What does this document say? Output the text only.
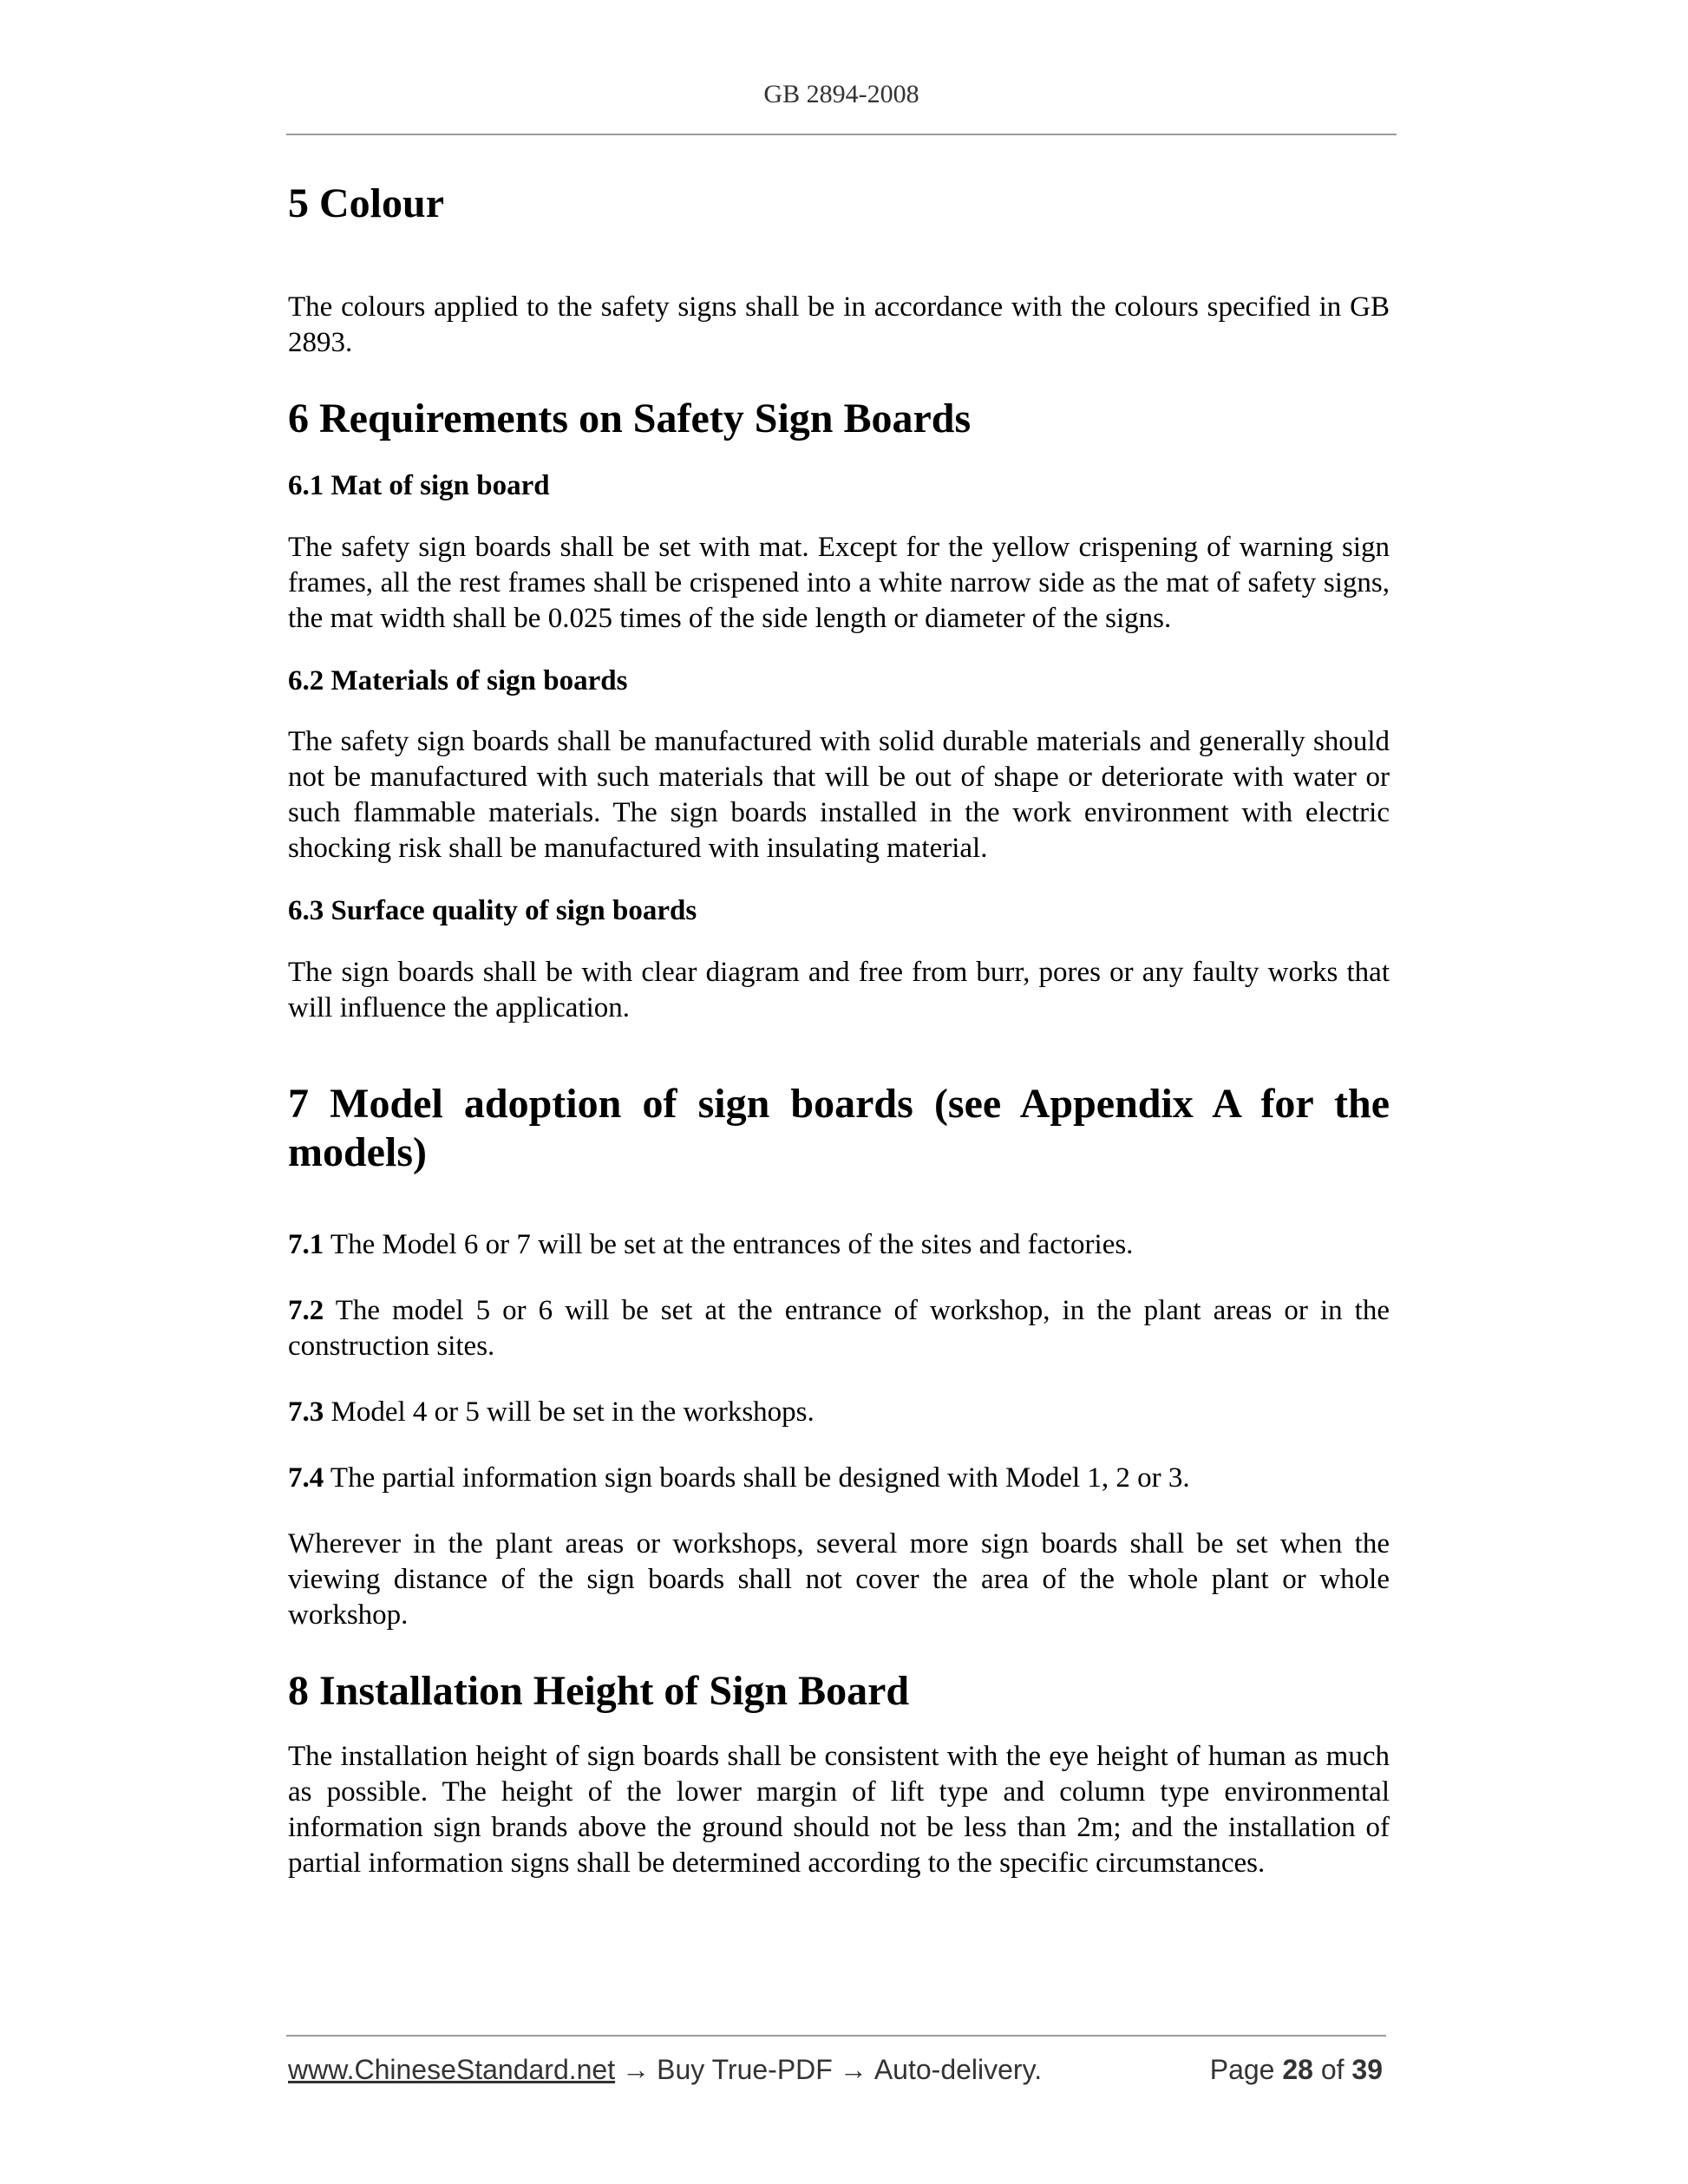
GB 2894-2008
5 Colour

The colours applied to the safety signs shall be in accordance with the colours specified in GB 2893.

6 Requirements on Safety Sign Boards
6.1 Mat of sign board

The safety sign boards shall be set with mat. Except for the yellow crispening of warning sign frames, all the rest frames shall be crispened into a white narrow side as the mat of safety signs, the mat width shall be 0.025 times of the side length or diameter of the signs.

6.2 Materials of sign boards

The safety sign boards shall be manufactured with solid durable materials and generally should not be manufactured with such materials that will be out of shape or deteriorate with water or such flammable materials. The sign boards installed in the work environment with electric shocking risk shall be manufactured with insulating material.

6.3 Surface quality of sign boards

The sign boards shall be with clear diagram and free from burr, pores or any faulty works that will influence the application.

7 Model adoption of sign boards (see Appendix A for the models)

7.1 The Model 6 or 7 will be set at the entrances of the sites and factories.

7.2 The model 5 or 6 will be set at the entrance of workshop, in the plant areas or in the construction sites.

7.3 Model 4 or 5 will be set in the workshops.

7.4 The partial information sign boards shall be designed with Model 1, 2 or 3.

Wherever in the plant areas or workshops, several more sign boards shall be set when the viewing distance of the sign boards shall not cover the area of the whole plant or whole workshop.

8 Installation Height of Sign Board

The installation height of sign boards shall be consistent with the eye height of human as much as possible. The height of the lower margin of lift type and column type environmental information sign brands above the ground should not be less than 2m; and the installation of partial information signs shall be determined according to the specific circumstances.

www.ChineseStandard.net → Buy True-PDF → Auto-delivery.	Page 28 of 39
